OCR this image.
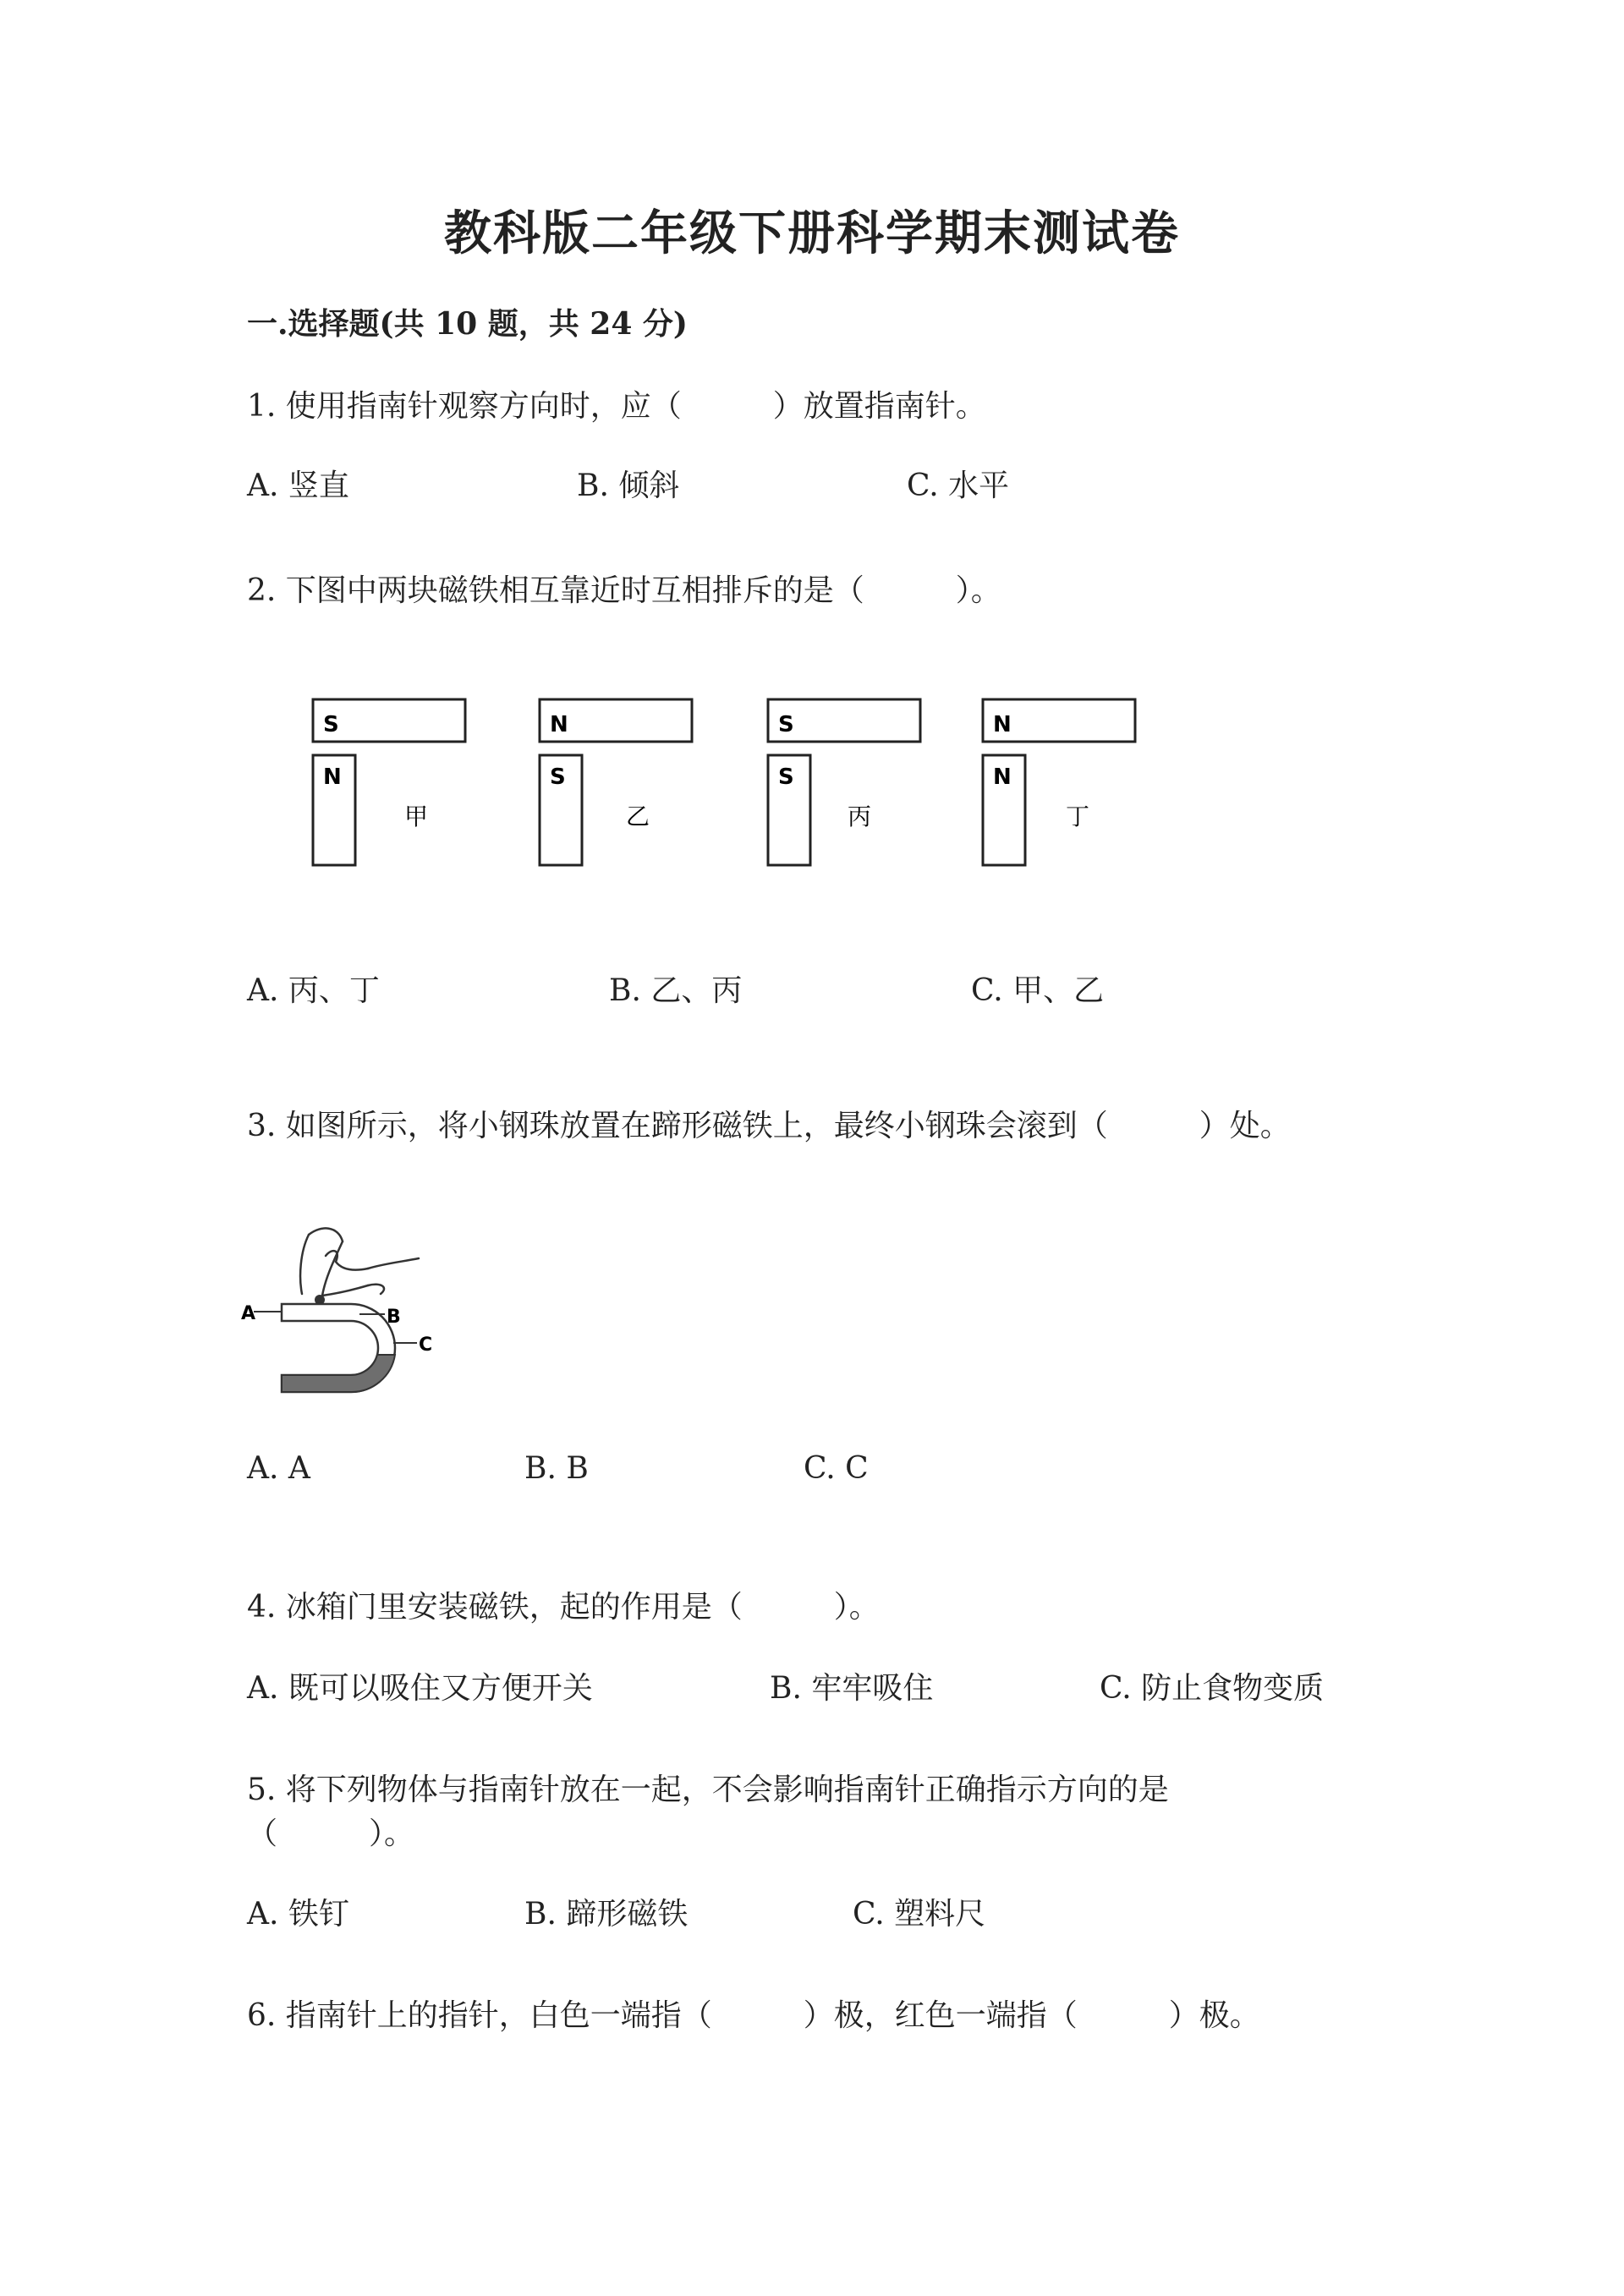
教科版二年级下册科学期末测试卷
一.选择题(共 10 题，共 24 分)
1. 使用指南针观察方向时，应（　　　）放置指南针。
A. 竖直	B. 倾斜	C. 水平
2. 下图中两块磁铁相互靠近时互相排斥的是（　　　）。
S
N
甲
N
S
乙
S
S
丙
N
N
丁
A. 丙、丁	B. 乙、丙	C. 甲、乙
3. 如图所示，将小钢珠放置在蹄形磁铁上，最终小钢珠会滚到（　　　）处。
A	B
C
A. A	B. B	C. C
4. 冰箱门里安装磁铁，起的作用是（　　　）。
A. 既可以吸住又方便开关	B. 牢牢吸住	C. 防止食物变质
5. 将下列物体与指南针放在一起，不会影响指南针正确指示方向的是
（　　　）。
A. 铁钉	B. 蹄形磁铁	C. 塑料尺
6. 指南针上的指针，白色一端指（　　　）极，红色一端指（　　　）极。
